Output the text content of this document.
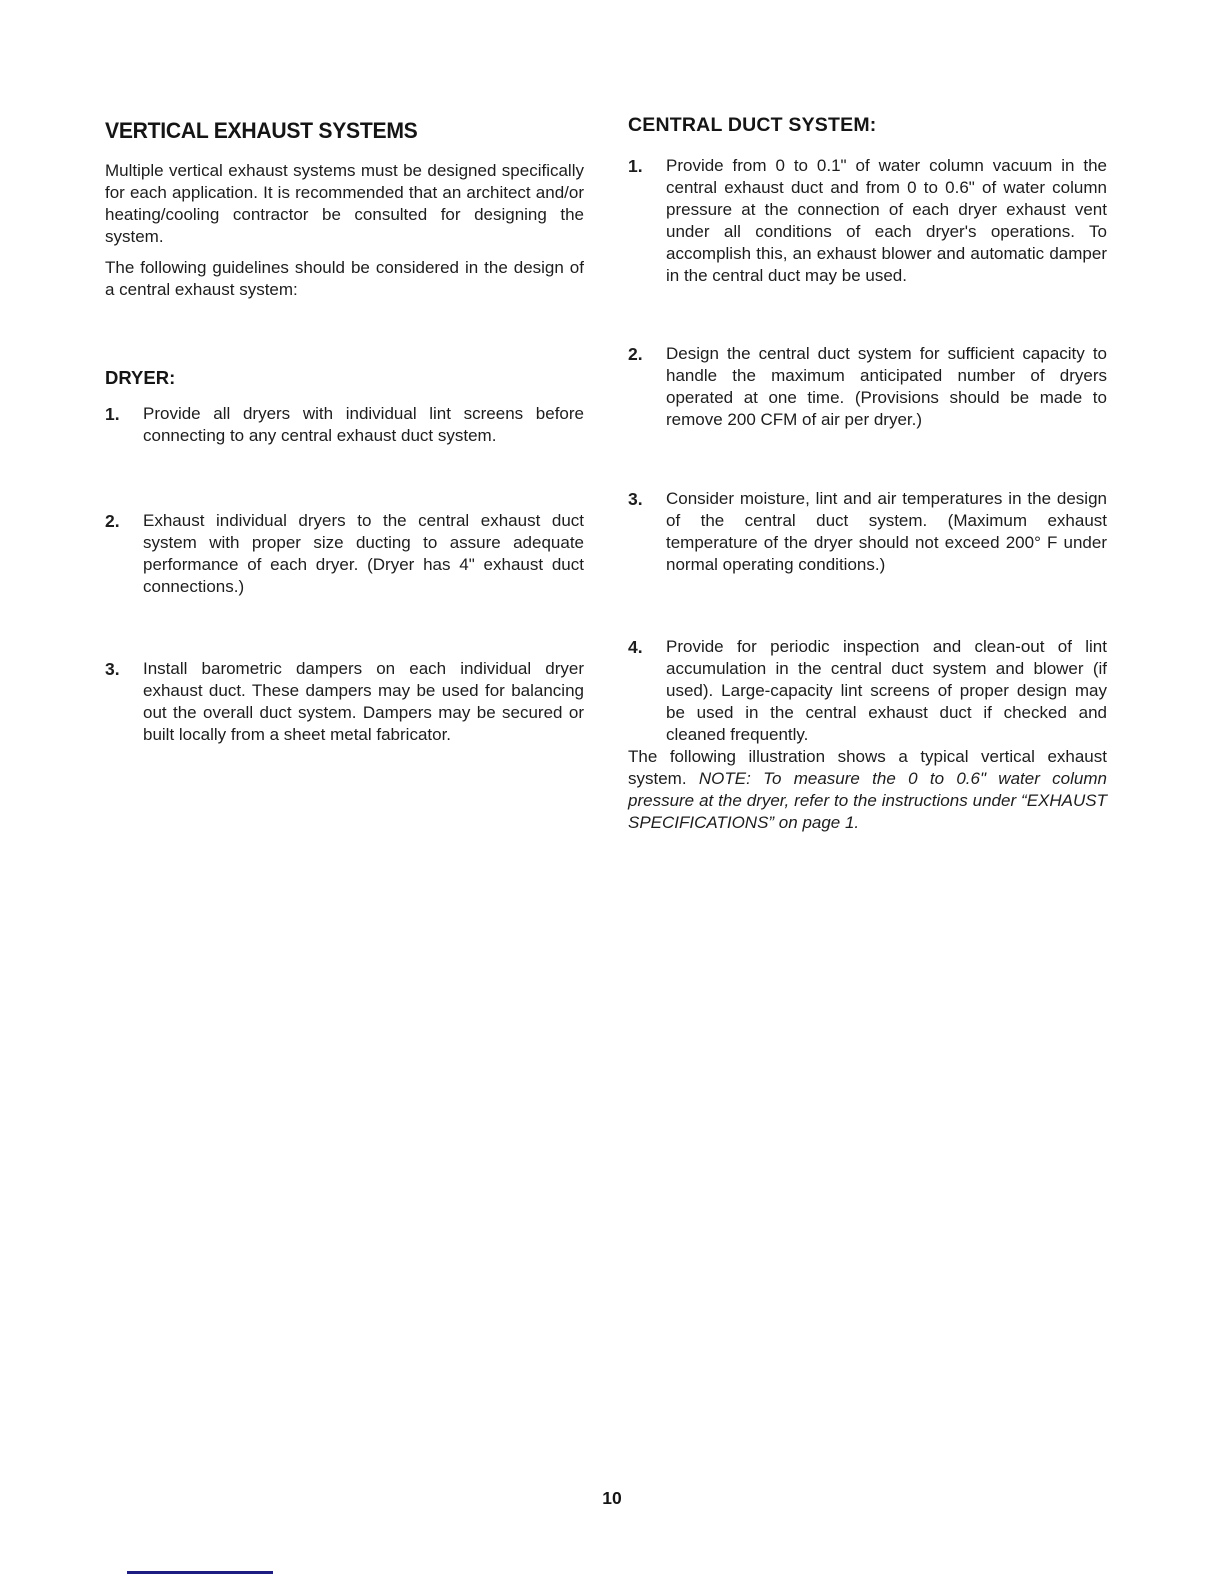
VERTICAL EXHAUST SYSTEMS

Multiple vertical exhaust systems must be designed specifically for each application. It is recommended that an architect and/or heating/cooling contractor be consulted for designing the system.

The following guidelines should be considered in the design of a central exhaust system:

DRYER:
1.	Provide all dryers with individual lint screens before connecting to any central exhaust duct system.

2.	Exhaust individual dryers to the central exhaust duct system with proper size ducting to assure adequate performance of each dryer. (Dryer has 4" exhaust duct connections.)

3.	Install barometric dampers on each individual dryer exhaust duct. These dampers may be used for balancing out the overall duct system. Dampers may be secured or built locally from a sheet metal fabricator.

CENTRAL DUCT SYSTEM:
1.	Provide from 0 to 0.1" of water column vacuum in the central exhaust duct and from 0 to 0.6" of water column pressure at the connection of each dryer exhaust vent under all conditions of each dryer's operations. To accomplish this, an exhaust blower and automatic damper in the central duct may be used.

2.	Design the central duct system for sufficient capacity to handle the maximum anticipated number of dryers operated at one time. (Provisions should be made to remove 200 CFM of air per dryer.)

3.	Consider moisture, lint and air temperatures in the design of the central duct system. (Maximum exhaust temperature of the dryer should not exceed 200° F under normal operating conditions.)

4.	Provide for periodic inspection and clean-out of lint accumulation in the central duct system and blower (if used). Large-capacity lint screens of proper design may be used in the central exhaust duct if checked and cleaned frequently.

The following illustration shows a typical vertical exhaust system. NOTE: To measure the 0 to 0.6" water column pressure at the dryer, refer to the instructions under “EXHAUST SPECIFICATIONS” on page 1.

10
